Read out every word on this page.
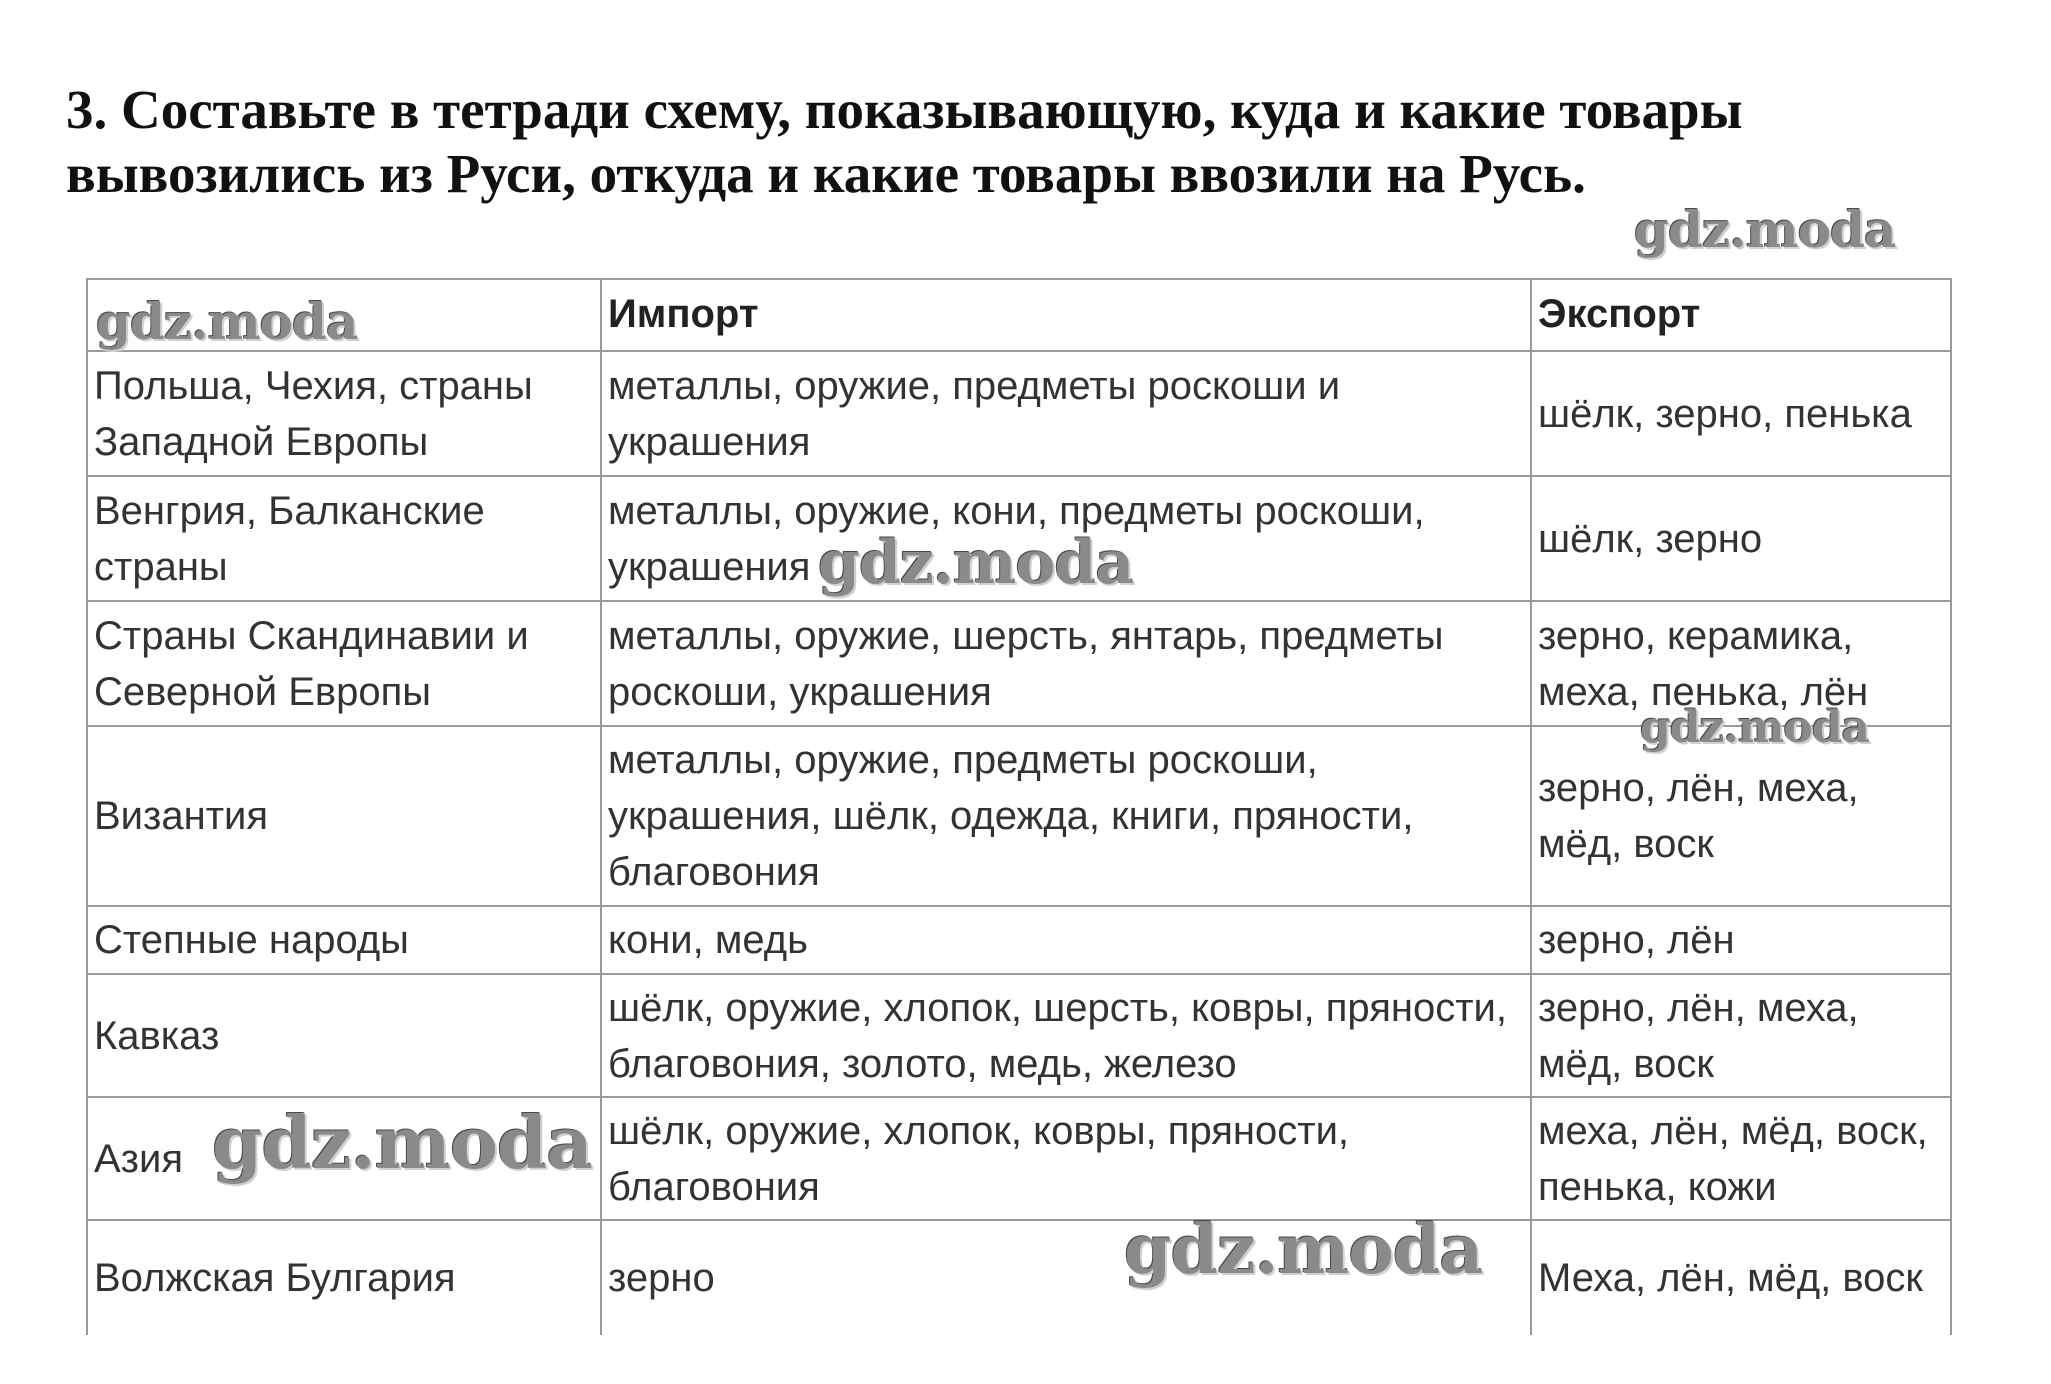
3. Составьте в тетради схему, показывающую, куда и какие товары вывозились из Руси, откуда и какие товары ввозили на Русь.

	Импорт	Экспорт
Польша, Чехия, страны Западной Европы	металлы, оружие, предметы роскоши и украшения	шёлк, зерно, пенька
Венгрия, Балканские страны	металлы, оружие, кони, предметы роскоши, украшения	шёлк, зерно
Страны Скандинавии и Северной Европы	металлы, оружие, шерсть, янтарь, предметы роскоши, украшения	зерно, керамика, меха, пенька, лён
Византия	металлы, оружие, предметы роскоши, украшения, шёлк, одежда, книги, пряности, благовония	зерно, лён, меха, мёд, воск
Степные народы	кони, медь	зерно, лён
Кавказ	шёлк, оружие, хлопок, шерсть, ковры, пряности, благовония, золото, медь, железо	зерно, лён, меха, мёд, воск
Азия	шёлк, оружие, хлопок, ковры, пряности, благовония	меха, лён, мёд, воск, пенька, кожи
Волжская Булгария	зерно	Меха, лён, мёд, воск
gdz.moda
gdz.moda
gdz.moda
gdz.moda
gdz.moda
gdz.moda
